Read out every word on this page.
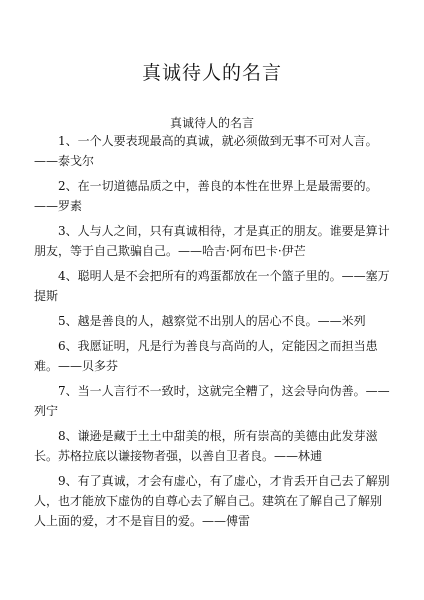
真诚待人的名言
真诚待人的名言

1、一个人要表现最高的真诚，就必须做到无事不可对人言。——泰戈尔

2、在一切道德品质之中，善良的本性在世界上是最需要的。——罗素

3、人与人之间，只有真诚相待，才是真正的朋友。谁要是算计朋友，等于自己欺骗自己。——哈吉·阿布巴卡·伊芒

4、聪明人是不会把所有的鸡蛋都放在一个篮子里的。——塞万提斯

5、越是善良的人，越察觉不出别人的居心不良。——米列

6、我愿证明，凡是行为善良与高尚的人，定能因之而担当患难。——贝多芬

7、当一人言行不一致时，这就完全糟了，这会导向伪善。——列宁

8、谦逊是藏于土土中甜美的根，所有崇高的美德由此发芽滋长。苏格拉底以谦接物者强，以善自卫者良。——林逋

9、有了真诚，才会有虚心，有了虚心，才肯丢开自己去了解别人，也才能放下虚伪的自尊心去了解自己。建筑在了解自己了解别人上面的爱，才不是盲目的爱。——傅雷
